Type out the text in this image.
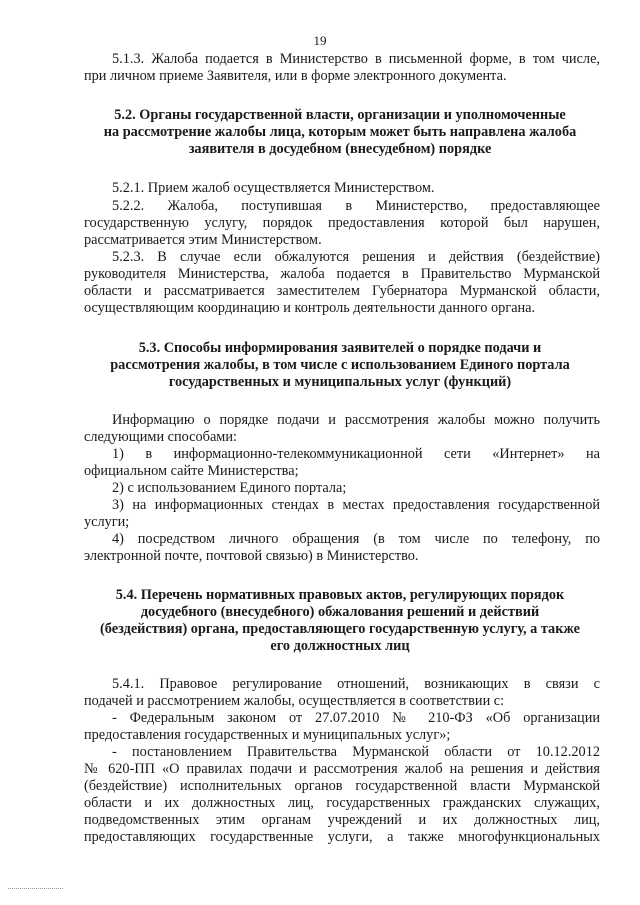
19
5.1.3. Жалоба подается в Министерство в письменной форме, в том числе,
при личном приеме Заявителя, или в форме электронного документа.
5.2. Органы государственной власти, организации и уполномоченные
на рассмотрение жалобы лица, которым может быть направлена жалоба
заявителя в досудебном (внесудебном) порядке
5.2.1. Прием жалоб осуществляется Министерством.
5.2.2. Жалоба, поступившая в Министерство, предоставляющее
государственную услугу, порядок предоставления которой был нарушен,
рассматривается этим Министерством.
5.2.3. В случае если обжалуются решения и действия (бездействие)
руководителя Министерства, жалоба подается в Правительство Мурманской
области и рассматривается заместителем Губернатора Мурманской области,
осуществляющим координацию и контроль деятельности данного органа.
5.3. Способы информирования заявителей о порядке подачи и
рассмотрения жалобы, в том числе с использованием Единого портала
государственных и муниципальных услуг (функций)
Информацию о порядке подачи и рассмотрения жалобы можно получить
следующими способами:
1) в информационно-телекоммуникационной сети «Интернет» на
официальном сайте Министерства;
2) с использованием Единого портала;
3) на информационных стендах в местах предоставления государственной
услуги;
4) посредством личного обращения (в том числе по телефону, по
электронной почте, почтовой связью) в Министерство.
5.4. Перечень нормативных правовых актов, регулирующих порядок
досудебного (внесудебного) обжалования решений и действий
(бездействия) органа, предоставляющего государственную услугу, а также
его должностных лиц
5.4.1. Правовое регулирование отношений, возникающих в связи с
подачей и рассмотрением жалобы, осуществляется в соответствии с:
- Федеральным законом от 27.07.2010 № 210-ФЗ «Об организации
предоставления государственных и муниципальных услуг»;
- постановлением Правительства Мурманской области от 10.12.2012
№ 620-ПП «О правилах подачи и рассмотрения жалоб на решения и действия
(бездействие) исполнительных органов государственной власти Мурманской
области и их должностных лиц, государственных гражданских служащих,
подведомственных этим органам учреждений и их должностных лиц,
предоставляющих государственные услуги, а также многофункциональных
